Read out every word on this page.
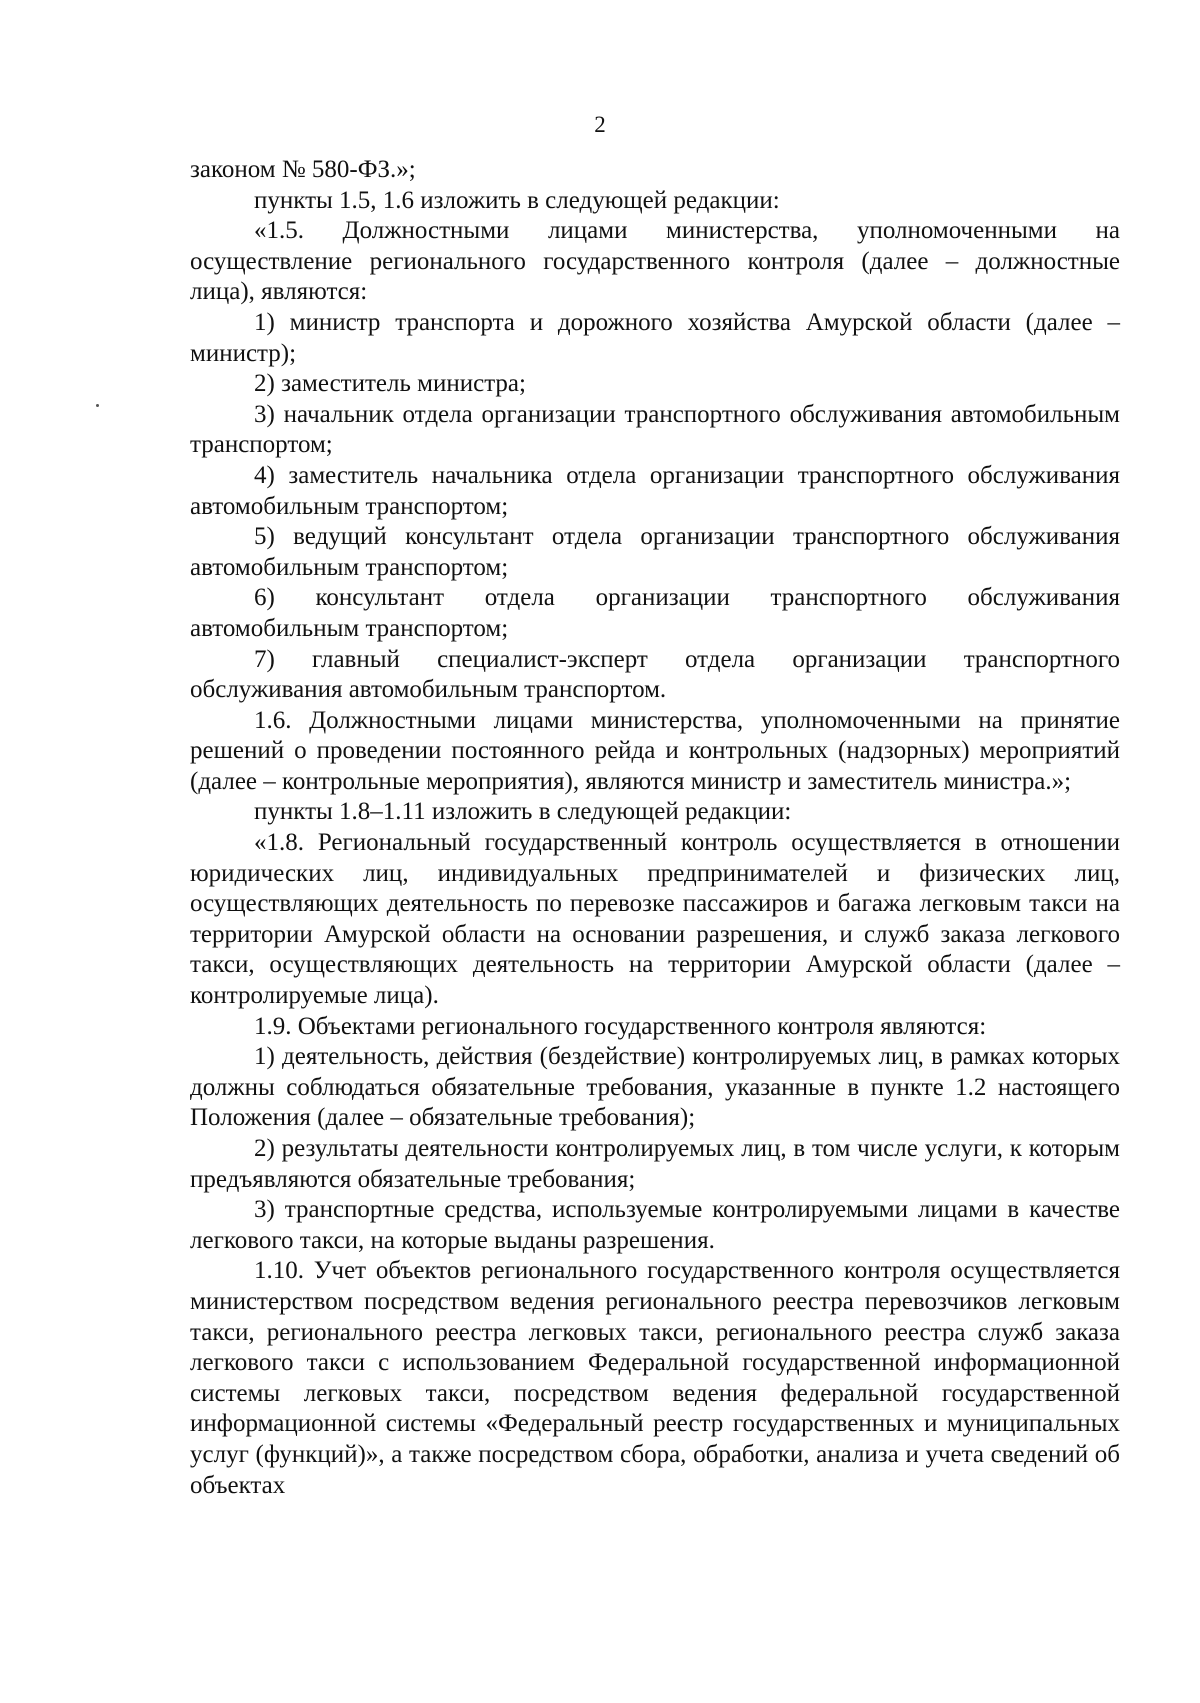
2

законом № 580-ФЗ.»;

пункты 1.5, 1.6 изложить в следующей редакции:

«1.5. Должностными лицами министерства, уполномоченными на осуществление регионального государственного контроля (далее – должностные лица), являются:

1) министр транспорта и дорожного хозяйства Амурской области (далее – министр);

2) заместитель министра;

3) начальник отдела организации транспортного обслуживания автомобильным транспортом;

4) заместитель начальника отдела организации транспортного обслуживания автомобильным транспортом;

5) ведущий консультант отдела организации транспортного обслуживания автомобильным транспортом;

6) консультант отдела организации транспортного обслуживания автомобильным транспортом;

7) главный специалист-эксперт отдела организации транспортного обслуживания автомобильным транспортом.

1.6. Должностными лицами министерства, уполномоченными на принятие решений о проведении постоянного рейда и контрольных (надзорных) мероприятий (далее – контрольные мероприятия), являются министр и заместитель министра.»;

пункты 1.8–1.11 изложить в следующей редакции:

«1.8. Региональный государственный контроль осуществляется в отношении юридических лиц, индивидуальных предпринимателей и физических лиц, осуществляющих деятельность по перевозке пассажиров и багажа легковым такси на территории Амурской области на основании разрешения, и служб заказа легкового такси, осуществляющих деятельность на территории Амурской области (далее – контролируемые лица).

1.9. Объектами регионального государственного контроля являются:

1) деятельность, действия (бездействие) контролируемых лиц, в рамках которых должны соблюдаться обязательные требования, указанные в пункте 1.2 настоящего Положения (далее – обязательные требования);

2) результаты деятельности контролируемых лиц, в том числе услуги, к которым предъявляются обязательные требования;

3) транспортные средства, используемые контролируемыми лицами в качестве легкового такси, на которые выданы разрешения.

1.10. Учет объектов регионального государственного контроля осуществляется министерством посредством ведения регионального реестра перевозчиков легковым такси, регионального реестра легковых такси, регионального реестра служб заказа легкового такси с использованием Федеральной государственной информационной системы легковых такси, посредством ведения федеральной государственной информационной системы «Федеральный реестр государственных и муниципальных услуг (функций)», а также посредством сбора, обработки, анализа и учета сведений об объектах
